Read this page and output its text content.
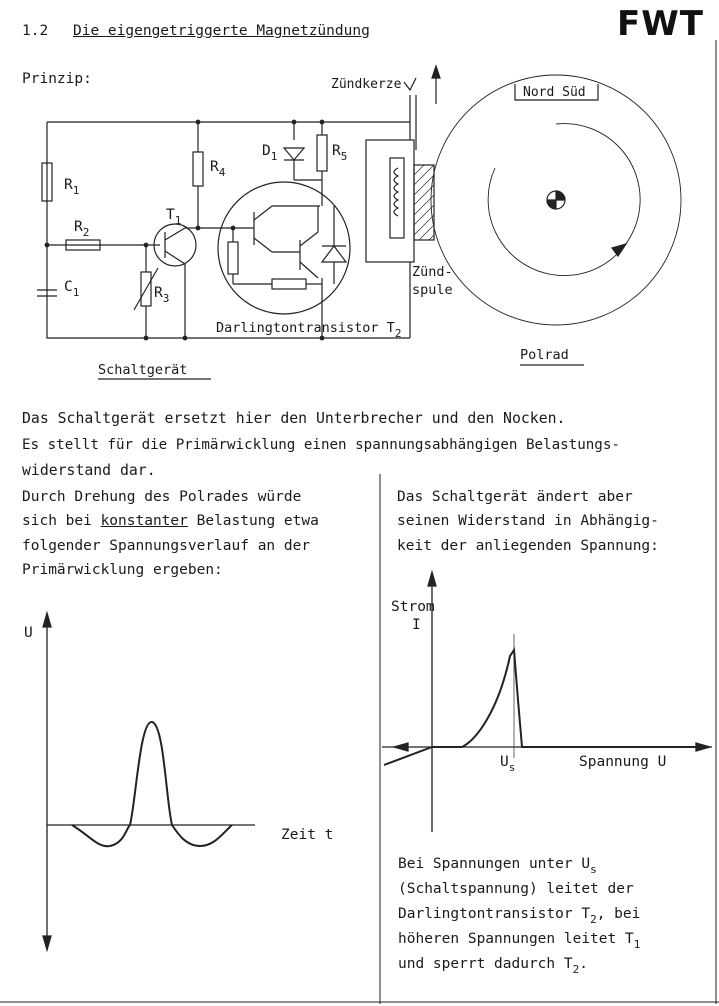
1.2 Die eigengetriggerte Magnetzündung	FWT
Prinzip:	Zündkerze
Nord Süd
$R_1$
$R_2$
$C_1$	$R_3$
$R_4$
$T_1$
$D_1$	$R_5$
Darlingtontransistor $T_2$
Zünd-
spule
Schaltgerät
Polrad
Das Schaltgerät ersetzt hier den Unterbrecher und den Nocken.
Es stellt für die Primärwicklung einen spannungsabhängigen Belastungs-
widerstand dar.
Durch Drehung des Polrades würde
sich bei konstanter Belastung etwa
folgender Spannungsverlauf an der
Primärwicklung ergeben:
Das Schaltgerät ändert aber
seinen Widerstand in Abhängig-
keit der anliegenden Spannung:
U
Zeit t
Strom
I
$U_s$	Spannung U
Bei Spannungen unter $U_s$
(Schaltspannung) leitet der
Darlingtontransistor $T_2$, bei
höheren Spannungen leitet $T_1$
und sperrt dadurch $T_2$.
